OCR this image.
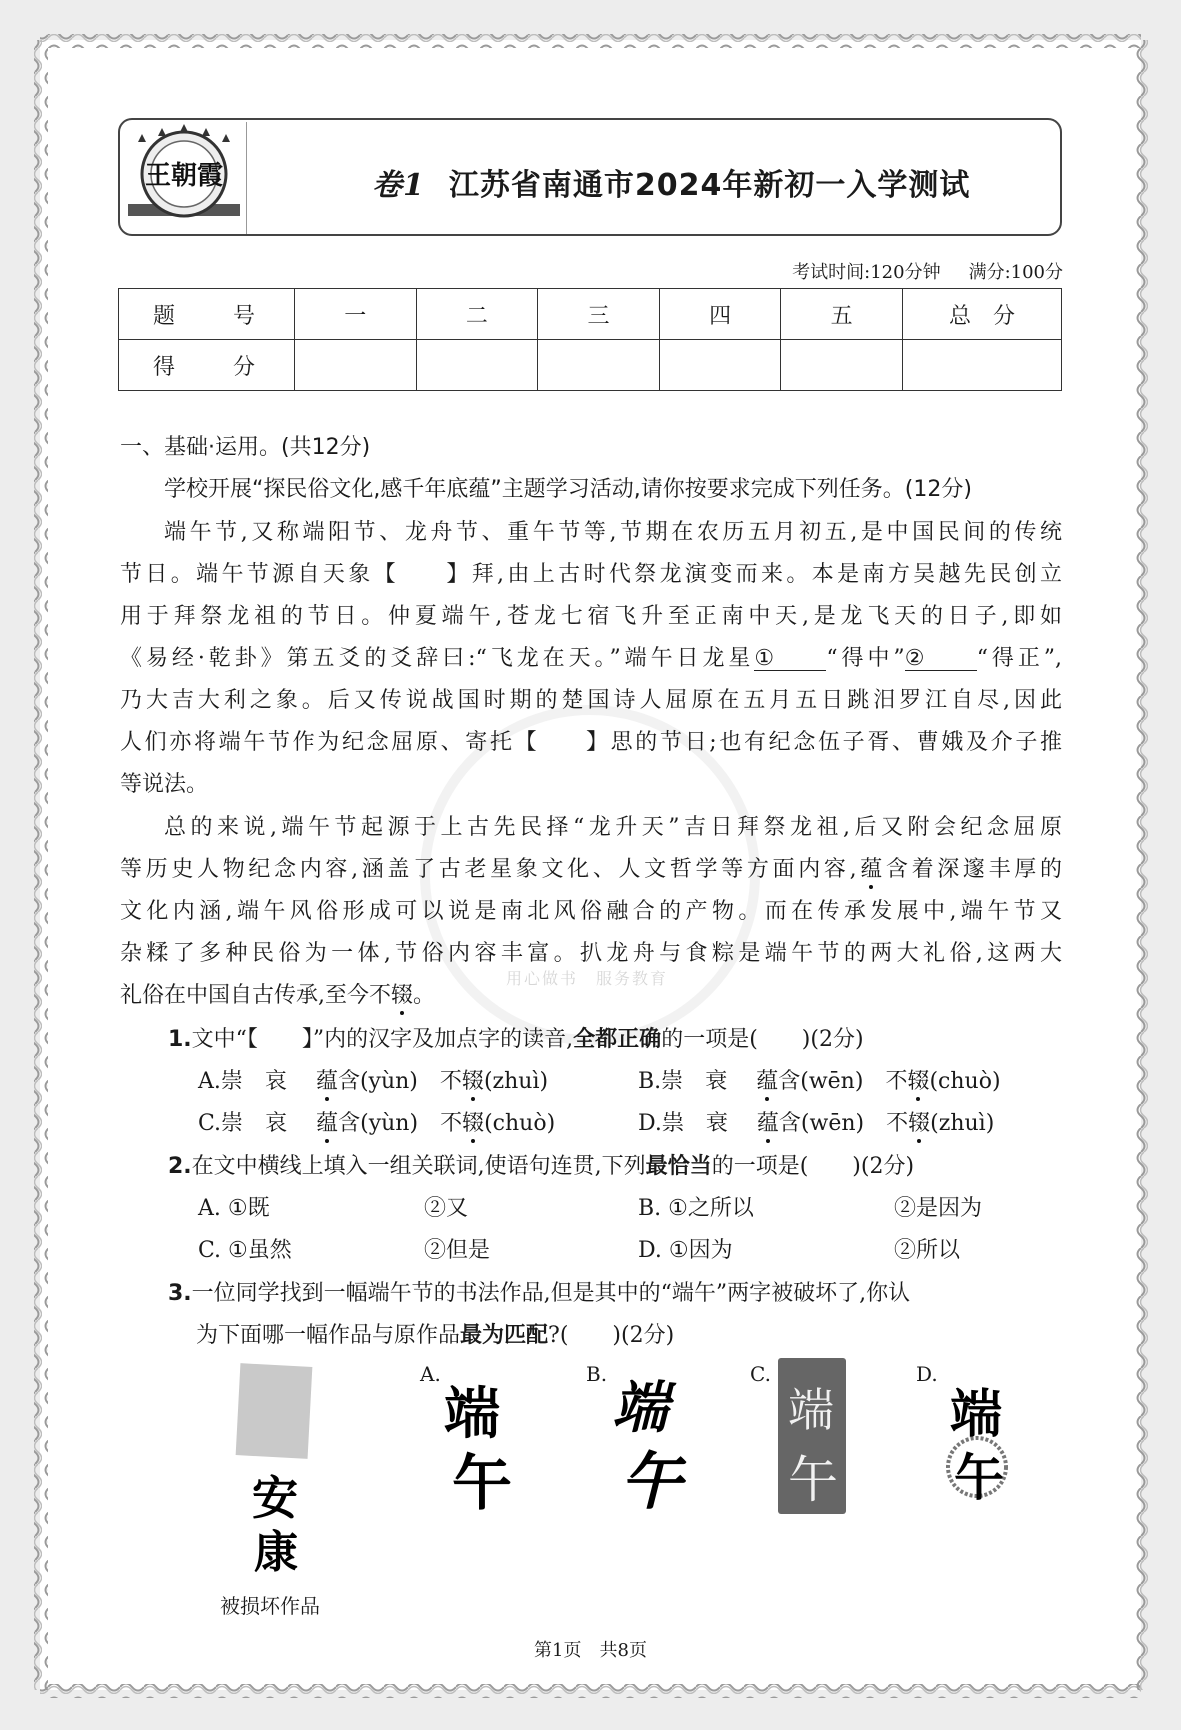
用心做书　服务教育
王朝霞	卷1 江苏省南通市2024年新初一入学测试
考试时间:120分钟 满分:100分
题　号	一	二	三	四	五	总　分
得　分						
一、基础·运用。(共12分)
学校开展“探民俗文化,感千年底蕴”主题学习活动,请你按要求完成下列任务。(12分)
端午节,又称端阳节、龙舟节、重午节等,节期在农历五月初五,是中国民间的传统
节日。端午节源自天象【 】拜,由上古时代祭龙演变而来。本是南方吴越先民创立
用于拜祭龙祖的节日。仲夏端午,苍龙七宿飞升至正南中天,是龙飞天的日子,即如
《易经·乾卦》第五爻的爻辞曰:“飞龙在天。”端午日龙星① “得中”② “得正”,
乃大吉大利之象。后又传说战国时期的楚国诗人屈原在五月五日跳汨罗江自尽,因此
人们亦将端午节作为纪念屈原、寄托【 】思的节日;也有纪念伍子胥、曹娥及介子推
等说法。
总的来说,端午节起源于上古先民择“龙升天”吉日拜祭龙祖,后又附会纪念屈原
等历史人物纪念内容,涵盖了古老星象文化、人文哲学等方面内容,蕴含着深邃丰厚的
文化内涵,端午风俗形成可以说是南北风俗融合的产物。而在传承发展中,端午节又
杂糅了多种民俗为一体,节俗内容丰富。扒龙舟与食粽是端午节的两大礼俗,这两大
礼俗在中国自古传承,至今不辍。
1.文中“【 】”内的汉字及加点字的读音,全都正确的一项是( )(2分)
A.崇　 哀　 蕴含(yùn)　 不辍(zhuì)	B.崇　 衰　 蕴含(wēn)　 不辍(chuò)
C.崇　 哀　 蕴含(yùn)　 不辍(chuò)	D.祟　 衰　 蕴含(wēn)　 不辍(zhuì)
2.在文中横线上填入一组关联词,使语句连贯,下列最恰当的一项是( )(2分)
A. ①既	②又	B. ①之所以	②是因为
C. ①虽然	②但是	D. ①因为	②所以
3.一位同学找到一幅端午节的书法作品,但是其中的“端午”两字被破坏了,你认
为下面哪一幅作品与原作品最为匹配?( )(2分)
安
康
被损坏作品
A.
端
午
B.
端
午
C.
端
午
D.
端
午
第1页　共8页
